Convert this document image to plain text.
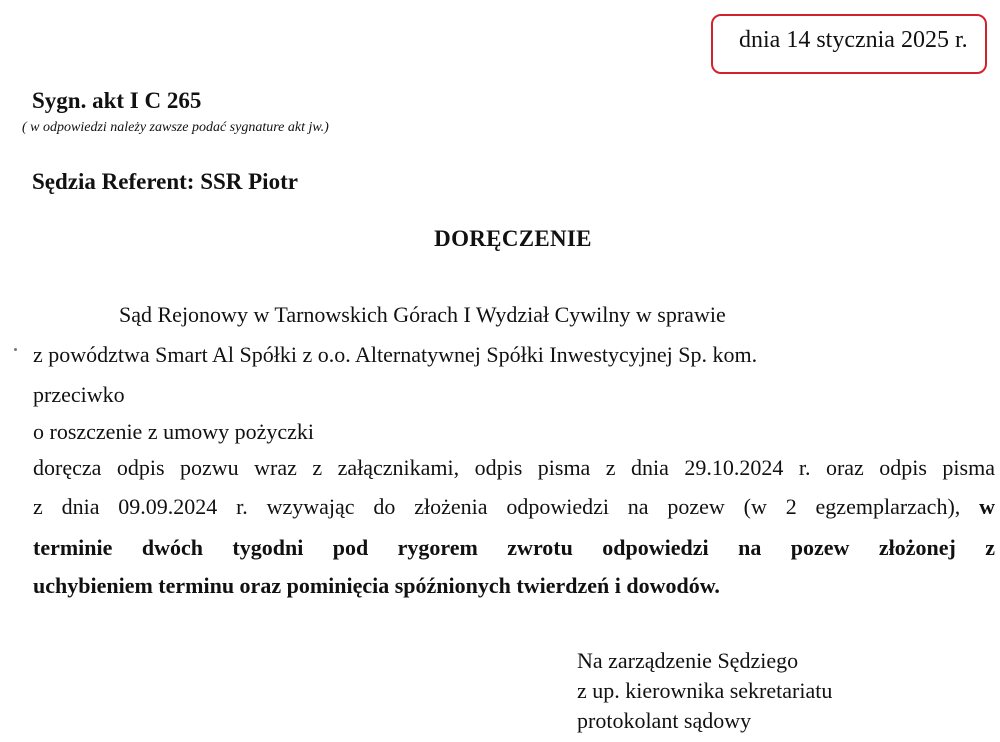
dnia 14 stycznia 2025 r.
Sygn. akt I C 265
( w odpowiedzi należy zawsze podać sygnature akt jw.)
Sędzia Referent: SSR Piotr
DORĘCZENIE
Sąd Rejonowy w Tarnowskich Górach I Wydział Cywilny w sprawie
z powództwa Smart Al Spółki z o.o. Alternatywnej Spółki Inwestycyjnej Sp. kom.
przeciwko
o roszczenie z umowy pożyczki
doręcza odpis pozwu wraz z załącznikami, odpis pisma z dnia 29.10.2024 r. oraz odpis pisma
z dnia 09.09.2024 r. wzywając do złożenia odpowiedzi na pozew (w 2 egzemplarzach), w
terminie dwóch tygodni pod rygorem zwrotu odpowiedzi na pozew złożonej z
uchybieniem terminu oraz pominięcia spóźnionych twierdzeń i dowodów.
Na zarządzenie Sędziego
z up. kierownika sekretariatu
protokolant sądowy
